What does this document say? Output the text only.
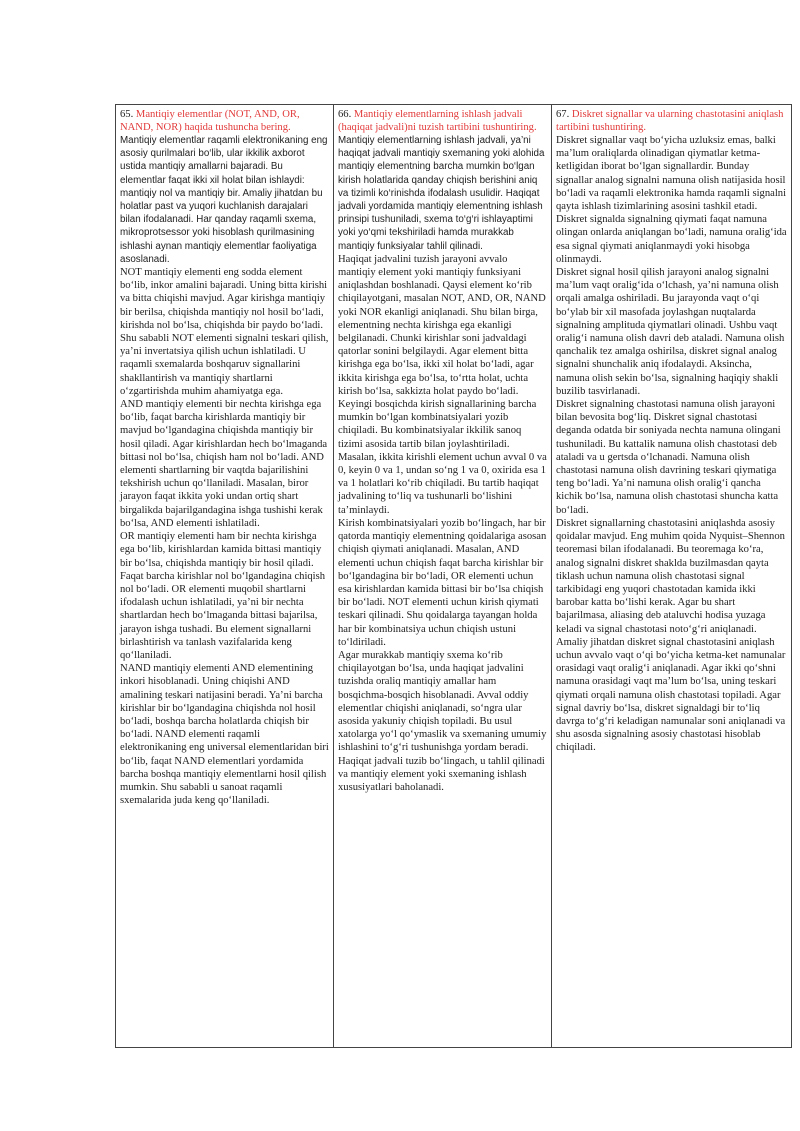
65. Mantiqiy elementlar (NOT, AND, OR, NAND, NOR) haqida tushuncha bering.

Mantiqiy elementlar raqamli elektronikaning eng asosiy qurilmalari bo‘lib, ular ikkilik axborot ustida mantiqiy amallarni bajaradi. Bu elementlar faqat ikki xil holat bilan ishlaydi: mantiqiy nol va mantiqiy bir. Amaliy jihatdan bu holatlar past va yuqori kuchlanish darajalari bilan ifodalanadi. Har qanday raqamli sxema, mikroprotsessor yoki hisoblash qurilmasining ishlashi aynan mantiqiy elementlar faoliyatiga asoslanadi.

NOT mantiqiy elementi eng sodda element bo‘lib, inkor amalini bajaradi. Uning bitta kirishi va bitta chiqishi mavjud. Agar kirishga mantiqiy bir berilsa, chiqishda mantiqiy nol hosil bo‘ladi, kirishda nol bo‘lsa, chiqishda bir paydo bo‘ladi. Shu sababli NOT elementi signalni teskari qilish, ya’ni invertatsiya qilish uchun ishlatiladi. U raqamli sxemalarda boshqaruv signallarini shakllantirish va mantiqiy shartlarni o‘zgartirishda muhim ahamiyatga ega.

AND mantiqiy elementi bir nechta kirishga ega bo‘lib, faqat barcha kirishlarda mantiqiy bir mavjud bo‘lgandagina chiqishda mantiqiy bir hosil qiladi. Agar kirishlardan hech bo‘lmaganda bittasi nol bo‘lsa, chiqish ham nol bo‘ladi. AND elementi shartlarning bir vaqtda bajarilishini tekshirish uchun qo‘llaniladi. Masalan, biror jarayon faqat ikkita yoki undan ortiq shart birgalikda bajarilgandagina ishga tushishi kerak bo‘lsa, AND elementi ishlatiladi.

OR mantiqiy elementi ham bir nechta kirishga ega bo‘lib, kirishlardan kamida bittasi mantiqiy bir bo‘lsa, chiqishda mantiqiy bir hosil qiladi. Faqat barcha kirishlar nol bo‘lgandagina chiqish nol bo‘ladi. OR elementi muqobil shartlarni ifodalash uchun ishlatiladi, ya’ni bir nechta shartlardan hech bo‘lmaganda bittasi bajarilsa, jarayon ishga tushadi. Bu element signallarni birlashtirish va tanlash vazifalarida keng qo‘llaniladi.

NAND mantiqiy elementi AND elementining inkori hisoblanadi. Uning chiqishi AND amalining teskari natijasini beradi. Ya’ni barcha kirishlar bir bo‘lgandagina chiqishda nol hosil bo‘ladi, boshqa barcha holatlarda chiqish bir bo‘ladi. NAND elementi raqamli elektronikaning eng universal elementlaridan biri bo‘lib, faqat NAND elementlari yordamida barcha boshqa mantiqiy elementlarni hosil qilish mumkin. Shu sababli u sanoat raqamli sxemalarida juda keng qo‘llaniladi.

66. Mantiqiy elementlarning ishlash jadvali (haqiqat jadvali)ni tuzish tartibini tushuntiring.

Mantiqiy elementlarning ishlash jadvali, ya’ni haqiqat jadvali mantiqiy sxemaning yoki alohida mantiqiy elementning barcha mumkin bo‘lgan kirish holatlarida qanday chiqish berishini aniq va tizimli ko‘rinishda ifodalash usulidir. Haqiqat jadvali yordamida mantiqiy elementning ishlash prinsipi tushuniladi, sxema to‘g‘ri ishlayaptimi yoki yo‘qmi tekshiriladi hamda murakkab mantiqiy funksiyalar tahlil qilinadi.

Haqiqat jadvalini tuzish jarayoni avvalo mantiqiy element yoki mantiqiy funksiyani aniqlashdan boshlanadi. Qaysi element ko‘rib chiqilayotgani, masalan NOT, AND, OR, NAND yoki NOR ekanligi aniqlanadi. Shu bilan birga, elementning nechta kirishga ega ekanligi belgilanadi. Chunki kirishlar soni jadvaldagi qatorlar sonini belgilaydi. Agar element bitta kirishga ega bo‘lsa, ikki xil holat bo‘ladi, agar ikkita kirishga ega bo‘lsa, to‘rtta holat, uchta kirish bo‘lsa, sakkizta holat paydo bo‘ladi.

Keyingi bosqichda kirish signallarining barcha mumkin bo‘lgan kombinatsiyalari yozib chiqiladi. Bu kombinatsiyalar ikkilik sanoq tizimi asosida tartib bilan joylashtiriladi. Masalan, ikkita kirishli element uchun avval 0 va 0, keyin 0 va 1, undan so‘ng 1 va 0, oxirida esa 1 va 1 holatlari ko‘rib chiqiladi. Bu tartib haqiqat jadvalining to‘liq va tushunarli bo‘lishini ta’minlaydi.

Kirish kombinatsiyalari yozib bo‘lingach, har bir qatorda mantiqiy elementning qoidalariga asosan chiqish qiymati aniqlanadi. Masalan, AND elementi uchun chiqish faqat barcha kirishlar bir bo‘lgandagina bir bo‘ladi, OR elementi uchun esa kirishlardan kamida bittasi bir bo‘lsa chiqish bir bo‘ladi. NOT elementi uchun kirish qiymati teskari qilinadi. Shu qoidalarga tayangan holda har bir kombinatsiya uchun chiqish ustuni to‘ldiriladi.

Agar murakkab mantiqiy sxema ko‘rib chiqilayotgan bo‘lsa, unda haqiqat jadvalini tuzishda oraliq mantiqiy amallar ham bosqichma-bosqich hisoblanadi. Avval oddiy elementlar chiqishi aniqlanadi, so‘ngra ular asosida yakuniy chiqish topiladi. Bu usul xatolarga yo‘l qo‘ymaslik va sxemaning umumiy ishlashini to‘g‘ri tushunishga yordam beradi.

Haqiqat jadvali tuzib bo‘lingach, u tahlil qilinadi va mantiqiy element yoki sxemaning ishlash xususiyatlari baholanadi.

67. Diskret signallar va ularning chastotasini aniqlash tartibini tushuntiring.

Diskret signallar vaqt bo‘yicha uzluksiz emas, balki ma’lum oraliqlarda olinadigan qiymatlar ketma-ketligidan iborat bo‘lgan signallardir. Bunday signallar analog signalni namuna olish natijasida hosil bo‘ladi va raqamli elektronika hamda raqamli signalni qayta ishlash tizimlarining asosini tashkil etadi. Diskret signalda signalning qiymati faqat namuna olingan onlarda aniqlangan bo‘ladi, namuna oralig‘ida esa signal qiymati aniqlanmaydi yoki hisobga olinmaydi.

Diskret signal hosil qilish jarayoni analog signalni ma’lum vaqt oralig‘ida o‘lchash, ya’ni namuna olish orqali amalga oshiriladi. Bu jarayonda vaqt o‘qi bo‘ylab bir xil masofada joylashgan nuqtalarda signalning amplituda qiymatlari olinadi. Ushbu vaqt oralig‘i namuna olish davri deb ataladi. Namuna olish qanchalik tez amalga oshirilsa, diskret signal analog signalni shunchalik aniq ifodalaydi. Aksincha, namuna olish sekin bo‘lsa, signalning haqiqiy shakli buzilib tasvirlanadi.

Diskret signalning chastotasi namuna olish jarayoni bilan bevosita bog‘liq. Diskret signal chastotasi deganda odatda bir soniyada nechta namuna olingani tushuniladi. Bu kattalik namuna olish chastotasi deb ataladi va u gertsda o‘lchanadi. Namuna olish chastotasi namuna olish davrining teskari qiymatiga teng bo‘ladi. Ya’ni namuna olish oralig‘i qancha kichik bo‘lsa, namuna olish chastotasi shuncha katta bo‘ladi.

Diskret signallarning chastotasini aniqlashda asosiy qoidalar mavjud. Eng muhim qoida Nyquist–Shennon teoremasi bilan ifodalanadi. Bu teoremaga ko‘ra, analog signalni diskret shaklda buzilmasdan qayta tiklash uchun namuna olish chastotasi signal tarkibidagi eng yuqori chastotadan kamida ikki barobar katta bo‘lishi kerak. Agar bu shart bajarilmasa, aliasing deb ataluvchi hodisa yuzaga keladi va signal chastotasi noto‘g‘ri aniqlanadi.

Amaliy jihatdan diskret signal chastotasini aniqlash uchun avvalo vaqt o‘qi bo‘yicha ketma-ket namunalar orasidagi vaqt oralig‘i aniqlanadi. Agar ikki qo‘shni namuna orasidagi vaqt ma’lum bo‘lsa, uning teskari qiymati orqali namuna olish chastotasi topiladi. Agar signal davriy bo‘lsa, diskret signaldagi bir to‘liq davrga to‘g‘ri keladigan namunalar soni aniqlanadi va shu asosda signalning asosiy chastotasi hisoblab chiqiladi.
